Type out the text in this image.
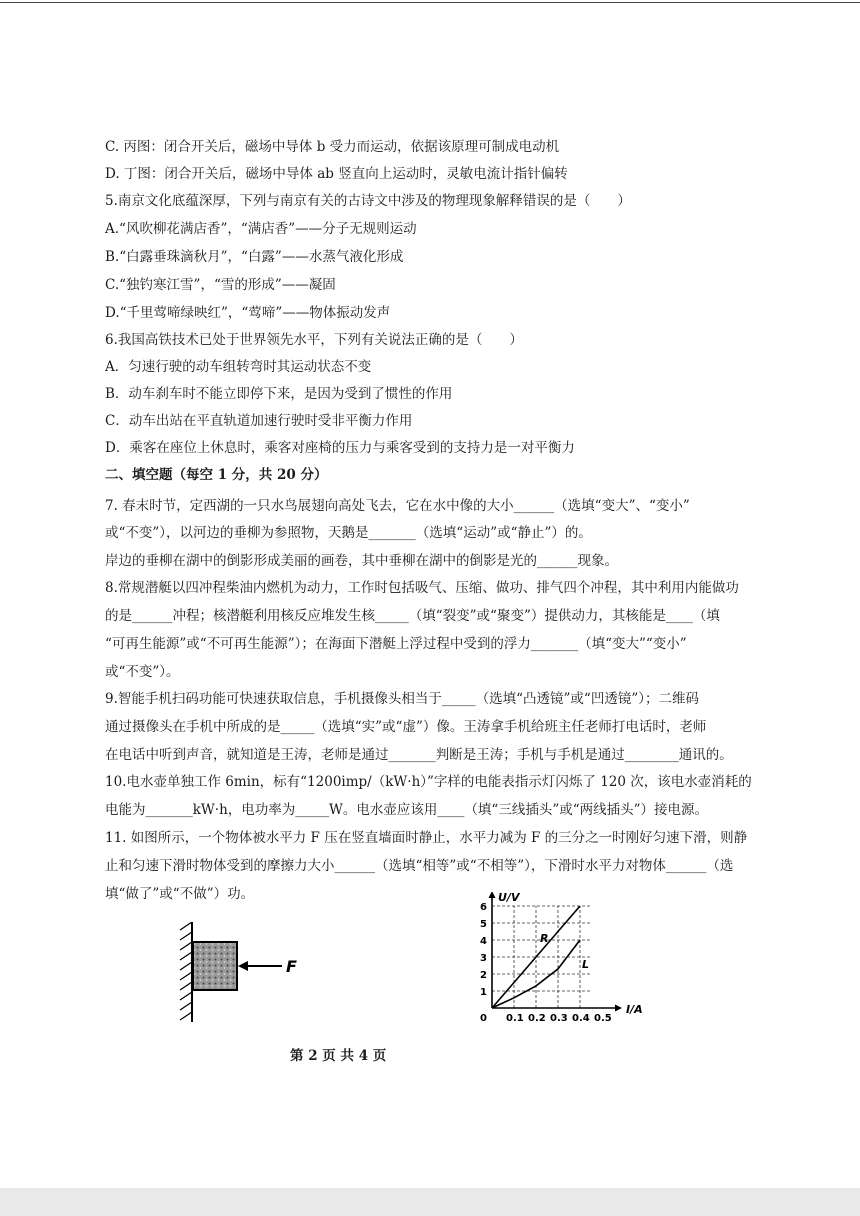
C. 丙图：闭合开关后，磁场中导体 b 受力而运动，依据该原理可制成电动机
D. 丁图：闭合开关后，磁场中导体 ab 竖直向上运动时，灵敏电流计指针偏转
5.南京文化底蕴深厚，下列与南京有关的古诗文中涉及的物理现象解释错误的是（　　）
A.“风吹柳花满店香”，“满店香”——分子无规则运动
B.“白露垂珠滴秋月”，“白露”——水蒸气液化形成
C.“独钓寒江雪”，“雪的形成”——凝固
D.“千里莺啼绿映红”，“莺啼”——物体振动发声
6.我国高铁技术已处于世界领先水平，下列有关说法正确的是（　　）
A．匀速行驶的动车组转弯时其运动状态不变
B．动车刹车时不能立即停下来，是因为受到了惯性的作用
C．动车出站在平直轨道加速行驶时受非平衡力作用
D．乘客在座位上休息时，乘客对座椅的压力与乘客受到的支持力是一对平衡力
二、填空题（每空 1 分，共 20 分）
7. 春末时节，定西湖的一只水鸟展翅向高处飞去，它在水中像的大小______（选填“变大”、“变小”
或“不变”），以河边的垂柳为参照物，天鹅是_______（选填“运动”或“静止”）的。
岸边的垂柳在湖中的倒影形成美丽的画卷，其中垂柳在湖中的倒影是光的______现象。
8.常规潜艇以四冲程柴油内燃机为动力，工作时包括吸气、压缩、做功、排气四个冲程，其中利用内能做功
的是______冲程；核潜艇利用核反应堆发生核_____（填“裂变”或“聚变”）提供动力，其核能是____（填
“可再生能源”或“不可再生能源”）；在海面下潜艇上浮过程中受到的浮力_______（填“变大”“变小”
或“不变”）。
9.智能手机扫码功能可快速获取信息，手机摄像头相当于_____（选填“凸透镜”或“凹透镜”）；二维码
通过摄像头在手机中所成的是_____（选填“实”或“虚”）像。王涛拿手机给班主任老师打电话时，老师
在电话中听到声音，就知道是王涛，老师是通过_______判断是王涛；手机与手机是通过________通讯的。
10.电水壶单独工作 6min，标有“1200imp/（kW·h）”字样的电能表指示灯闪烁了 120 次，该电水壶消耗的
电能为_______kW·h，电功率为_____W。电水壶应该用____（填“三线插头”或“两线插头”）接电源。
11. 如图所示，一个物体被水平力 F 压在竖直墙面时静止，水平力减为 F 的三分之一时刚好匀速下滑，则静
止和匀速下滑时物体受到的摩擦力大小______（选填“相等”或“不相等”），下滑时水平力对物体______（选
填“做了”或“不做”）功。
F
U/V
I/A
1
2
3
4
5
6
0 0.1 0.2 0.3 0.4 0.5
R
L
第 2 页 共 4 页
